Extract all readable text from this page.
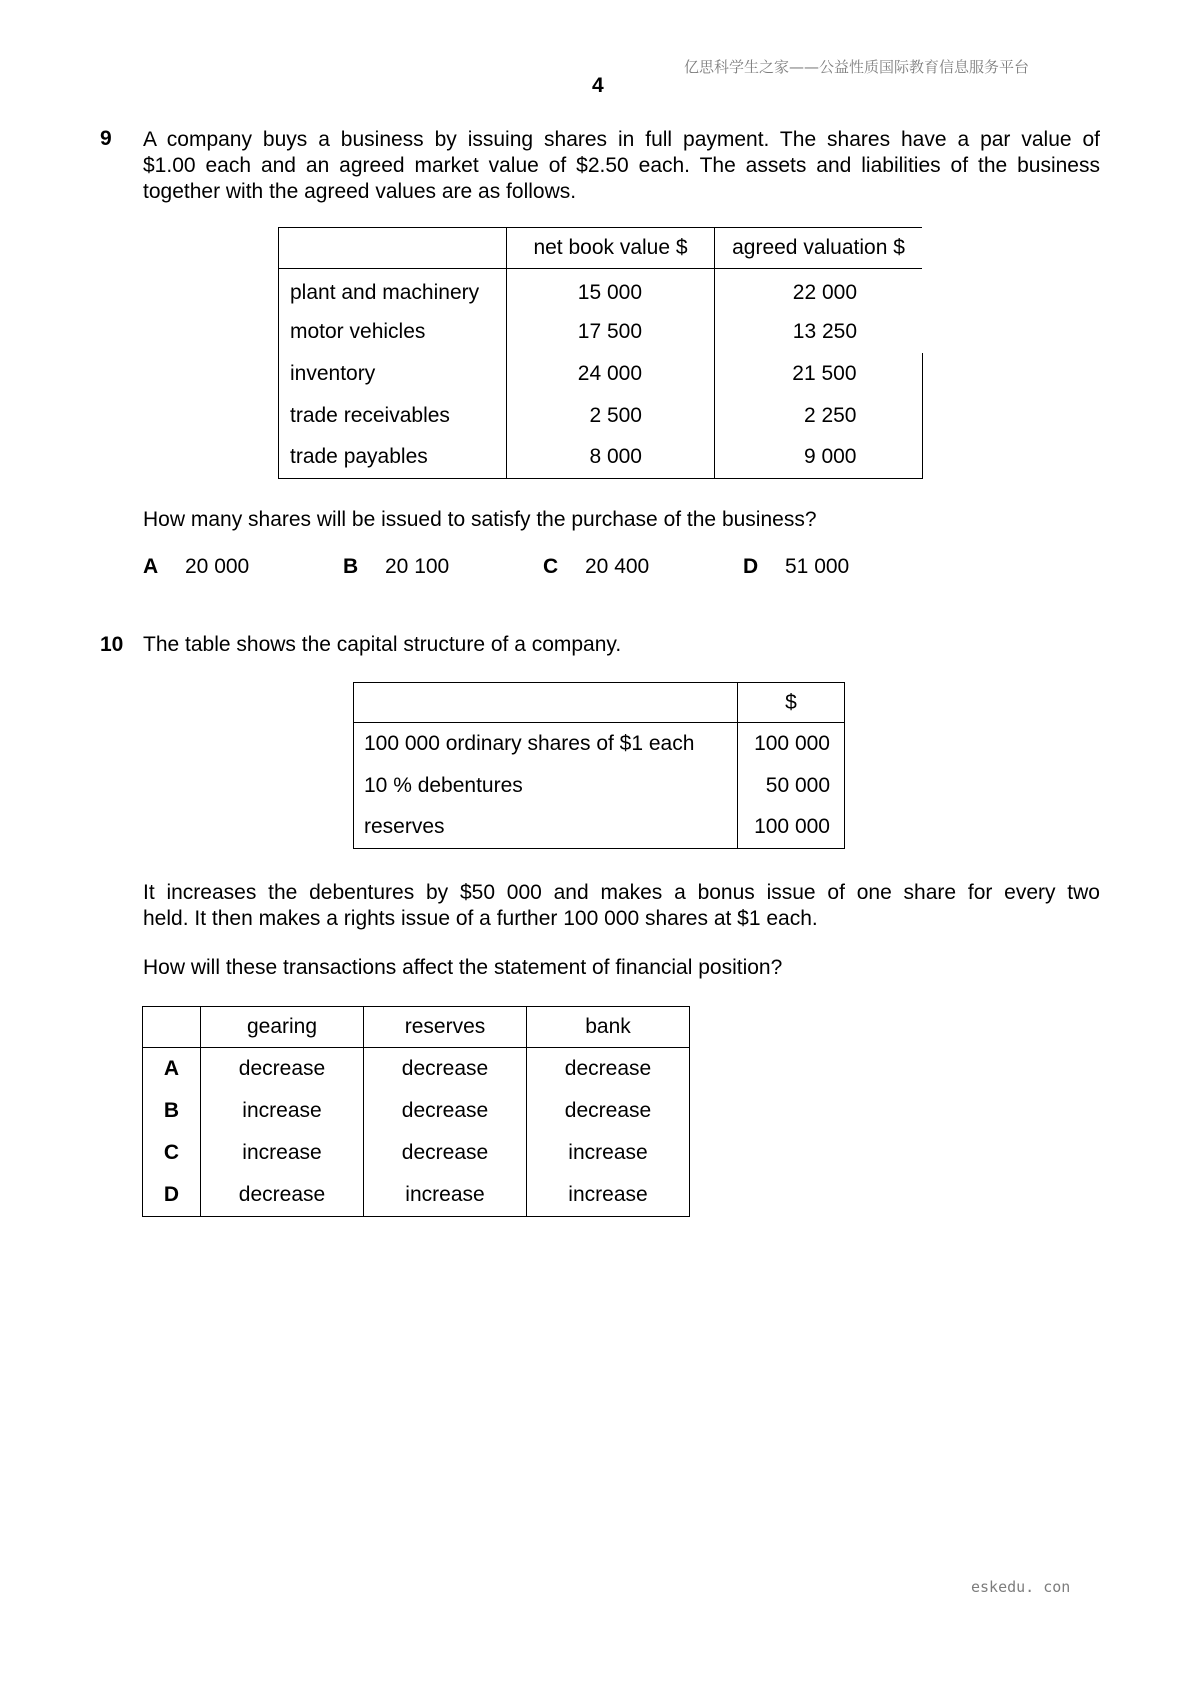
亿思科学生之家——公益性质国际教育信息服务平台
4
9 A company buys a business by issuing shares in full payment. The shares have a par value of
$1.00 each and an agreed market value of $2.50 each. The assets and liabilities of the business
together with the agreed values are as follows.
	net book value $	agreed valuation $
plant and machinery	15 000	22 000
motor vehicles	17 500	13 250
inventory	24 000	21 500
trade receivables	2 500	2 250
trade payables	8 000	9 000
How many shares will be issued to satisfy the purchase of the business?
A 20 000	B 20 100	C 20 400	D 51 000
10 The table shows the capital structure of a company.
	$
100 000 ordinary shares of $1 each	100 000
10 % debentures	50 000
reserves	100 000
It increases the debentures by $50 000 and makes a bonus issue of one share for every two
held. It then makes a rights issue of a further 100 000 shares at $1 each.
How will these transactions affect the statement of financial position?
	gearing	reserves	bank
A	decrease	decrease	decrease
B	increase	decrease	decrease
C	increase	decrease	increase
D	decrease	increase	increase
eskedu. con
